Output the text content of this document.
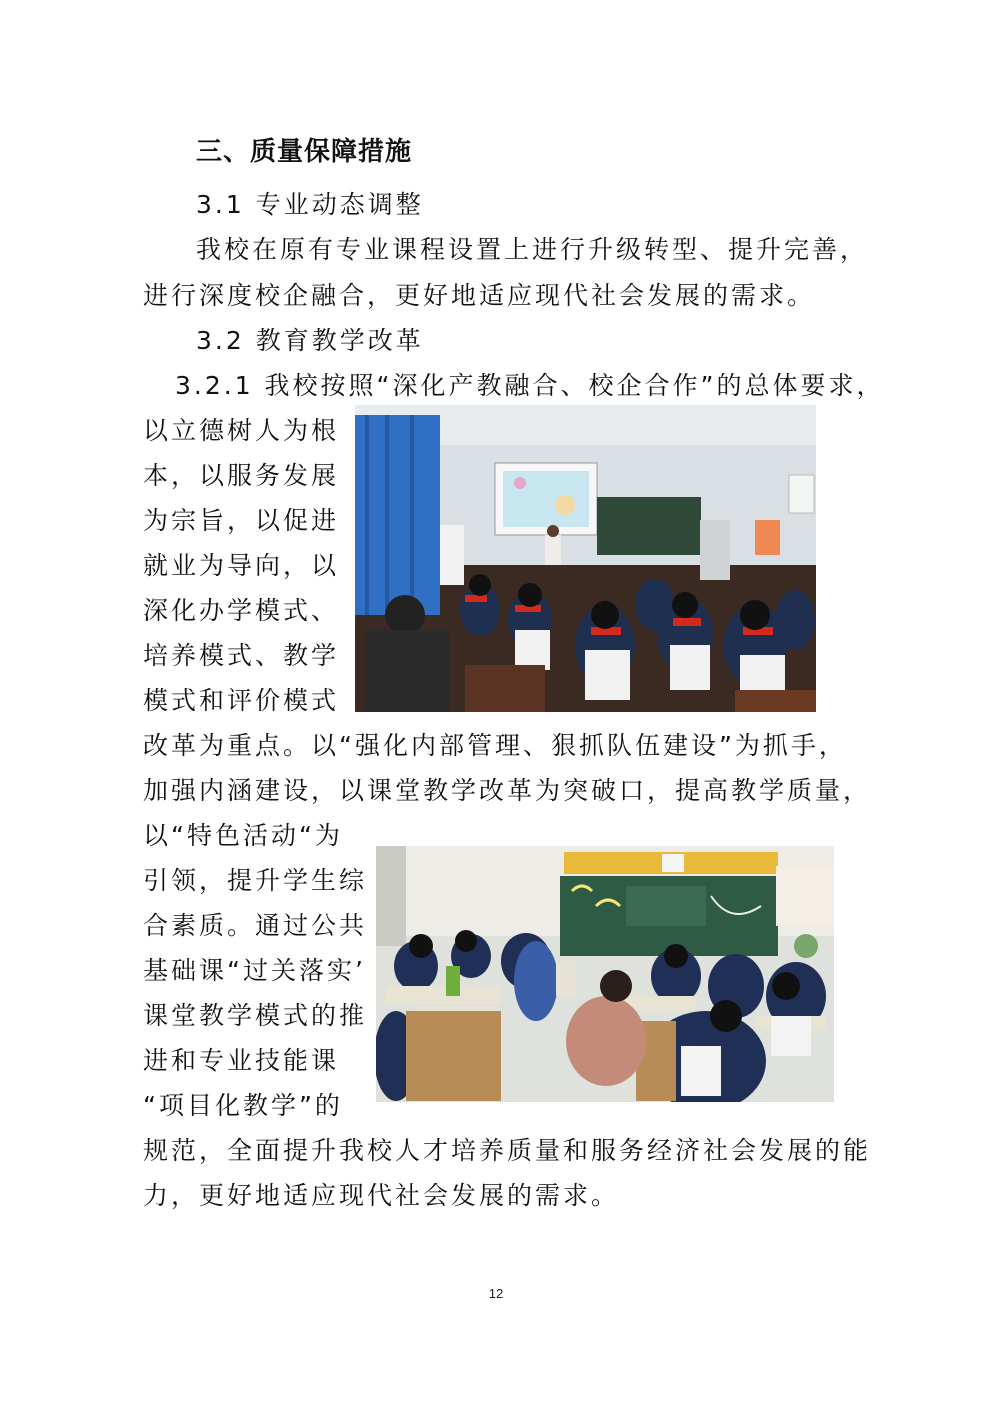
三、质量保障措施
3.1 专业动态调整
我校在原有专业课程设置上进行升级转型、提升完善，
进行深度校企融合，更好地适应现代社会发展的需求。
3.2 教育教学改革
3.2.1 我校按照“深化产教融合、校企合作”的总体要求，
以立德树人为根
本，以服务发展
为宗旨，以促进
就业为导向，以
深化办学模式、
培养模式、教学
模式和评价模式
改革为重点。以“强化内部管理、狠抓队伍建设”为抓手，
加强内涵建设，以课堂教学改革为突破口，提高教学质量，
以“特色活动“为
引领，提升学生综
合素质。通过公共
基础课“过关落实’
课堂教学模式的推
进和专业技能课
“项目化教学”的
规范，全面提升我校人才培养质量和服务经济社会发展的能
力，更好地适应现代社会发展的需求。
12
